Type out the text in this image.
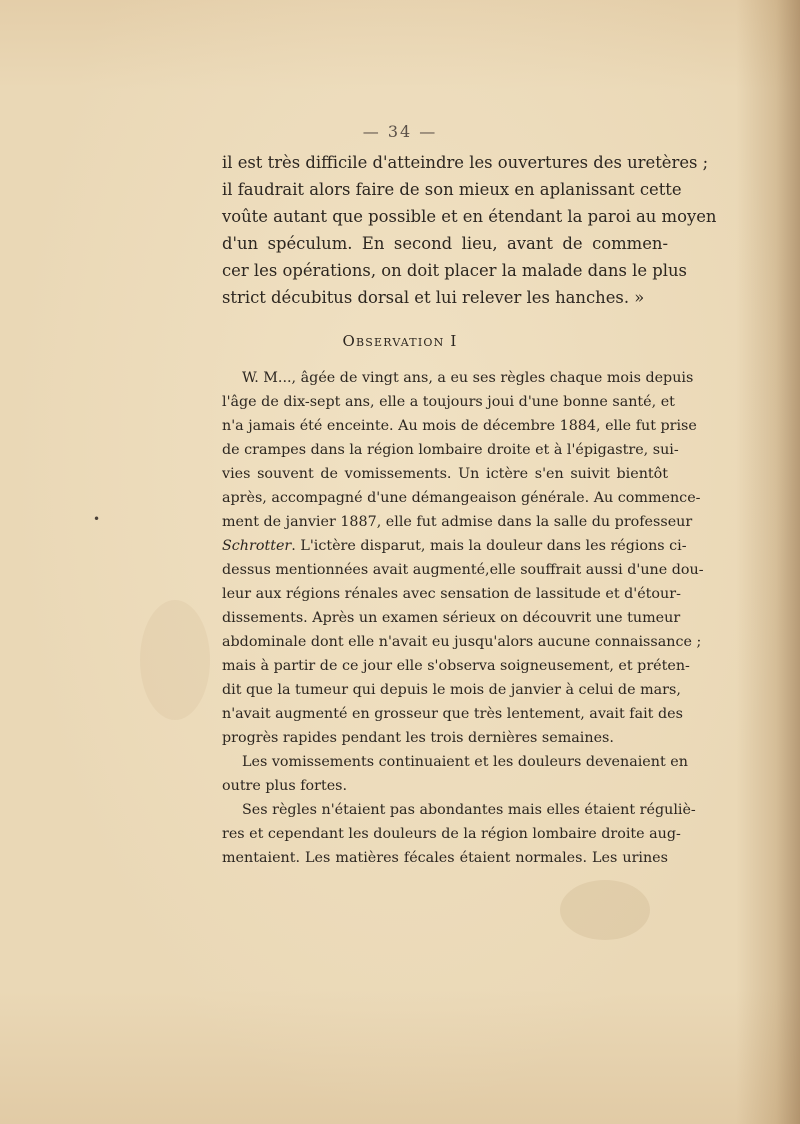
— 34 —
il est très difficile d'atteindre les ouvertures des uretères ;
il faudrait alors faire de son mieux en aplanissant cette
voûte autant que possible et en étendant la paroi au moyen
d'un spéculum. En second lieu, avant de commen-
cer les opérations, on doit placer la malade dans le plus
strict décubitus dorsal et lui relever les hanches. »
Observation I
•
W. M..., âgée de vingt ans, a eu ses règles chaque mois depuis
l'âge de dix-sept ans, elle a toujours joui d'une bonne santé, et
n'a jamais été enceinte. Au mois de décembre 1884, elle fut prise
de crampes dans la région lombaire droite et à l'épigastre, sui-
vies souvent de vomissements. Un ictère s'en suivit bientôt
après, accompagné d'une démangeaison générale. Au commence-
ment de janvier 1887, elle fut admise dans la salle du professeur
Schrotter. L'ictère disparut, mais la douleur dans les régions ci-
dessus mentionnées avait augmenté,elle souffrait aussi d'une dou-
leur aux régions rénales avec sensation de lassitude et d'étour-
dissements. Après un examen sérieux on découvrit une tumeur
abdominale dont elle n'avait eu jusqu'alors aucune connaissance ;
mais à partir de ce jour elle s'observa soigneusement, et préten-
dit que la tumeur qui depuis le mois de janvier à celui de mars,
n'avait augmenté en grosseur que très lentement, avait fait des
progrès rapides pendant les trois dernières semaines.
Les vomissements continuaient et les douleurs devenaient en
outre plus fortes.
Ses règles n'étaient pas abondantes mais elles étaient réguliè-
res et cependant les douleurs de la région lombaire droite aug-
mentaient. Les matières fécales étaient normales. Les urines
